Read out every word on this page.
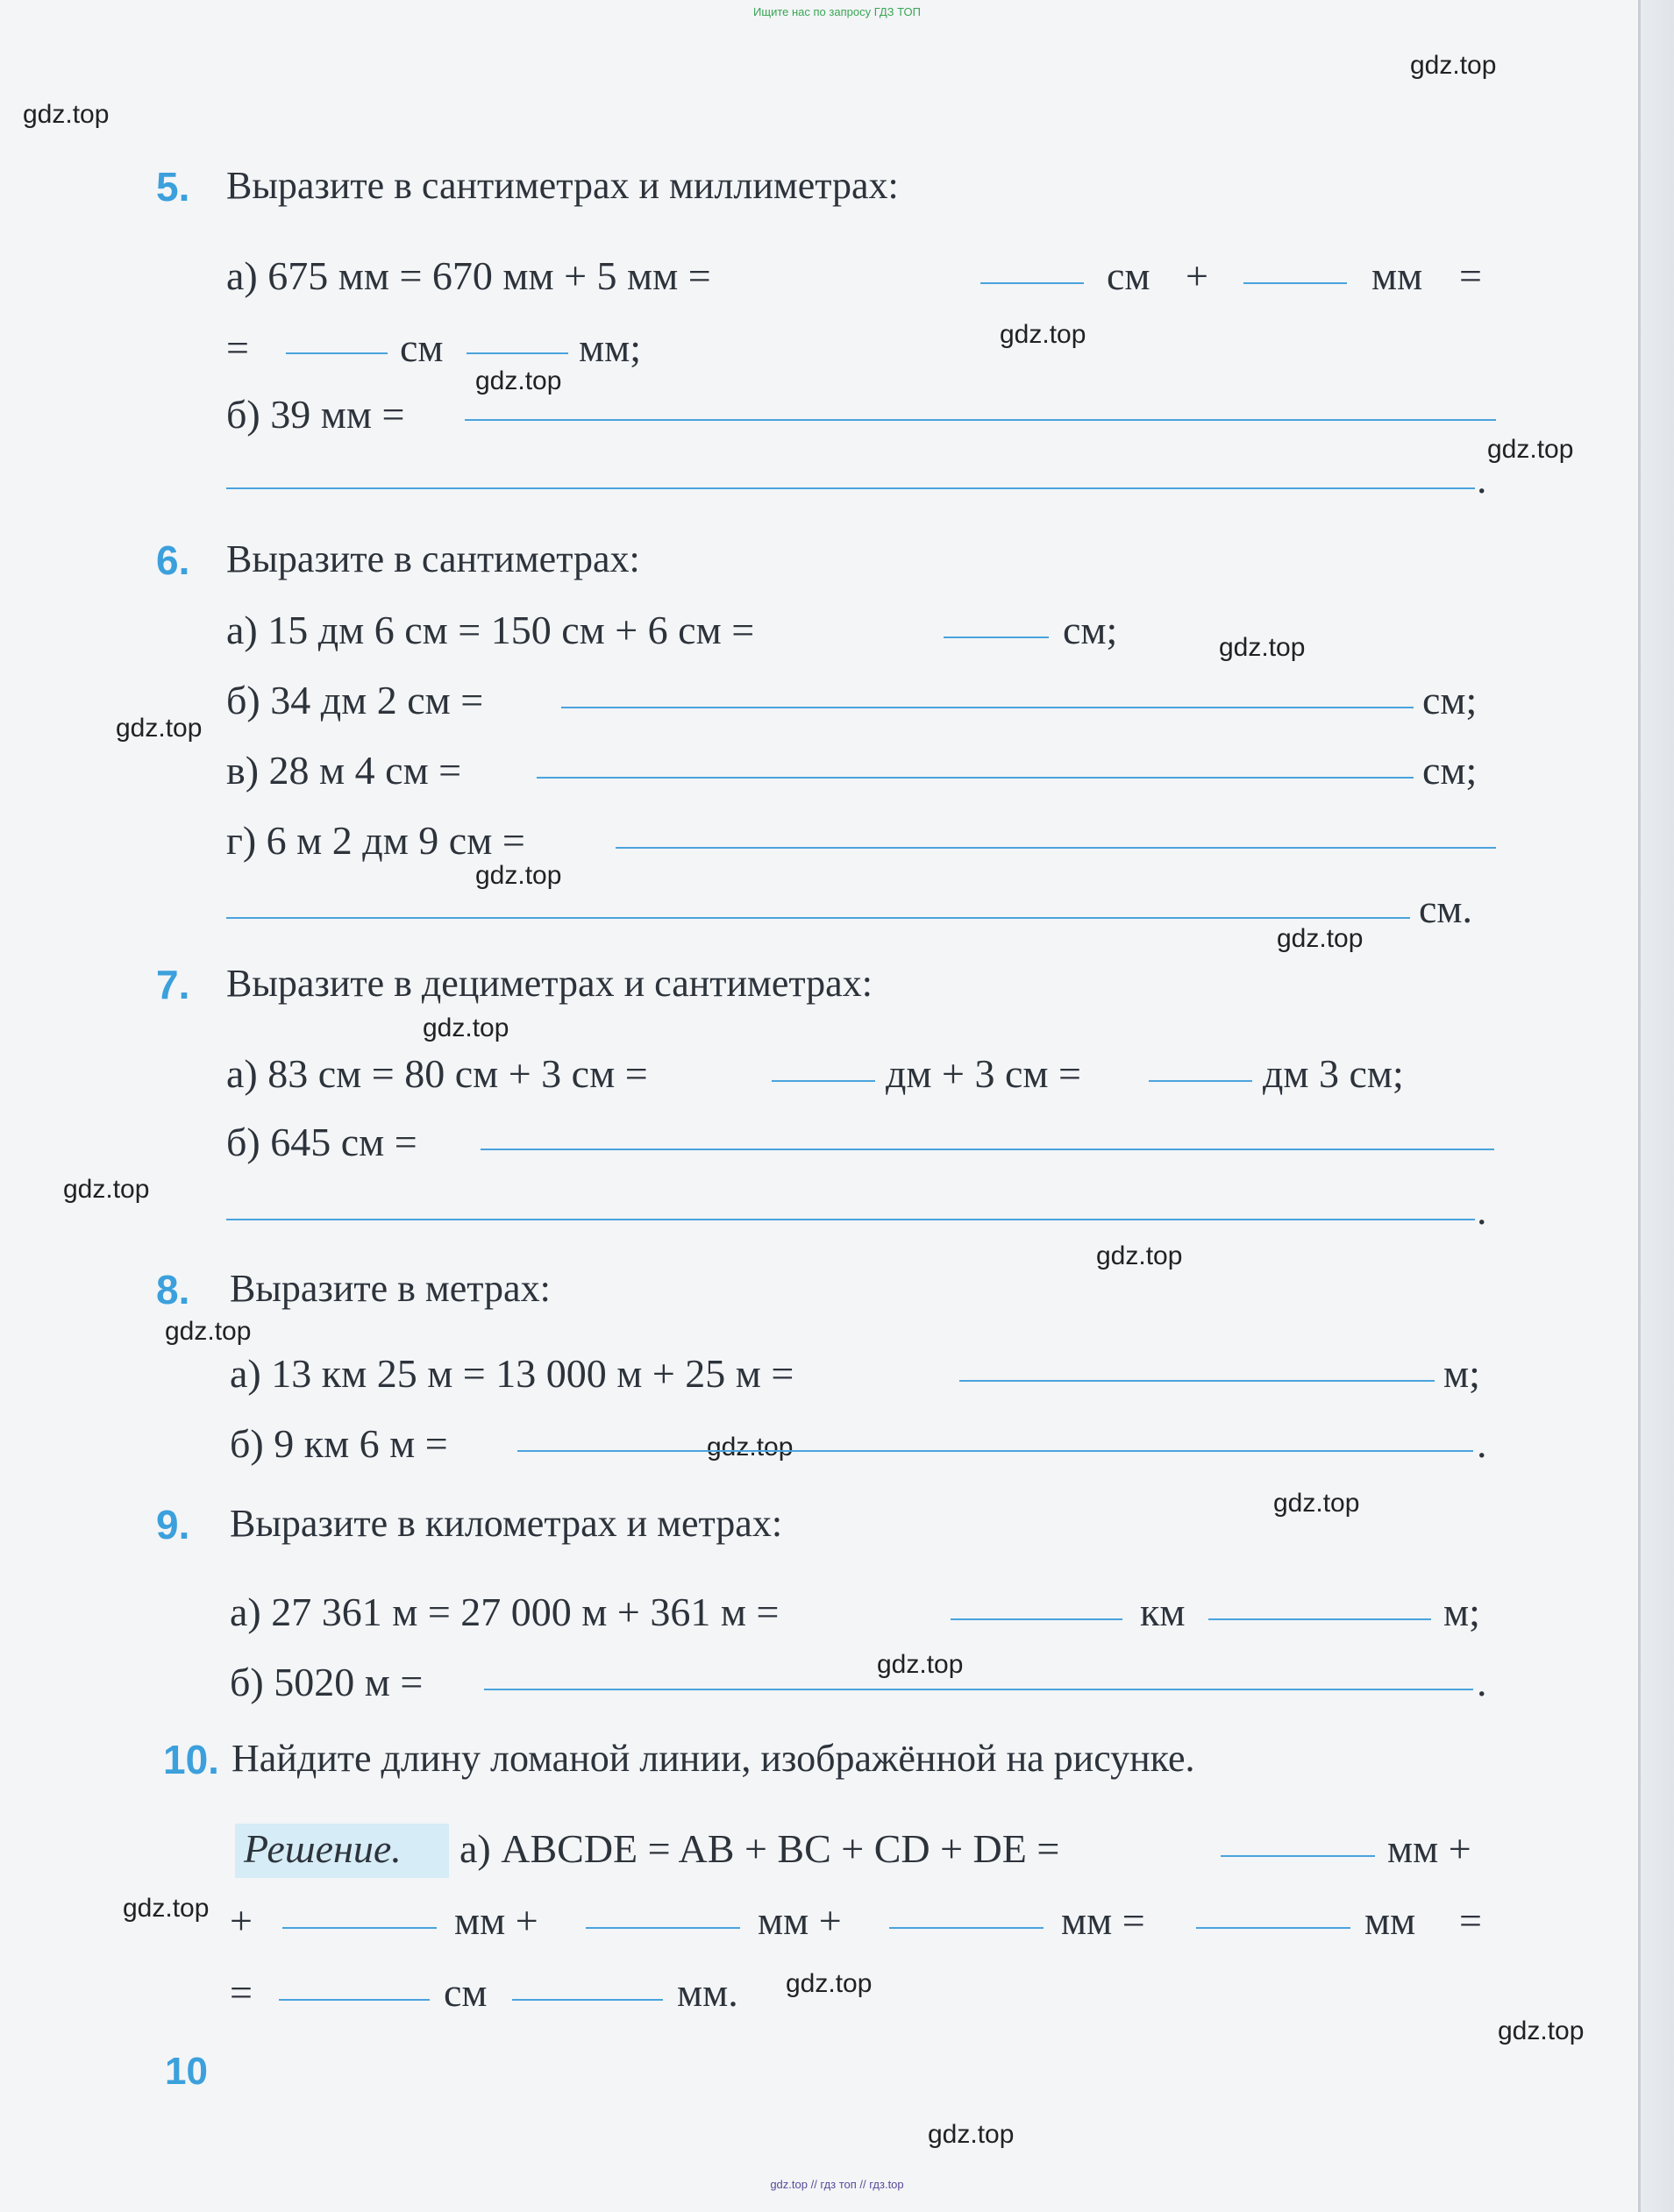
Ищите нас по запросу ГДЗ ТОП
gdz.top
gdz.top
gdz.top
gdz.top
gdz.top
gdz.top
gdz.top
gdz.top
gdz.top
gdz.top
gdz.top
gdz.top
gdz.top
gdz.top
gdz.top
gdz.top
gdz.top
gdz.top
gdz.top
gdz.top
5. Выразите в сантиметрах и миллиметрах:
а) 675 мм = 670 мм + 5 мм =	см +	мм =
=	см	мм;
б) 39 мм =
.
6. Выразите в сантиметрах:
а) 15 дм 6 см = 150 см + 6 см =	см;
б) 34 дм 2 см =	см;
в) 28 м 4 см =	см;
г) 6 м 2 дм 9 см =
см.
7. Выразите в дециметрах и сантиметрах:
а) 83 см = 80 см + 3 см =	дм + 3 см =	дм 3 см;
б) 645 см =
.
8. Выразите в метрах:
а) 13 км 25 м = 13 000 м + 25 м =	м;
б) 9 км 6 м =	.
9. Выразите в километрах и метрах:
а) 27 361 м = 27 000 м + 361 м =	км	м;
б) 5020 м =	.
10. Найдите длину ломаной линии, изображённой на рисунке.
Решение. а) ABCDE = AB + BC + CD + DE =	мм +
+	мм +	мм +	мм =	мм =
=	см	мм.
10
gdz.top // гдз топ // гдз.top
